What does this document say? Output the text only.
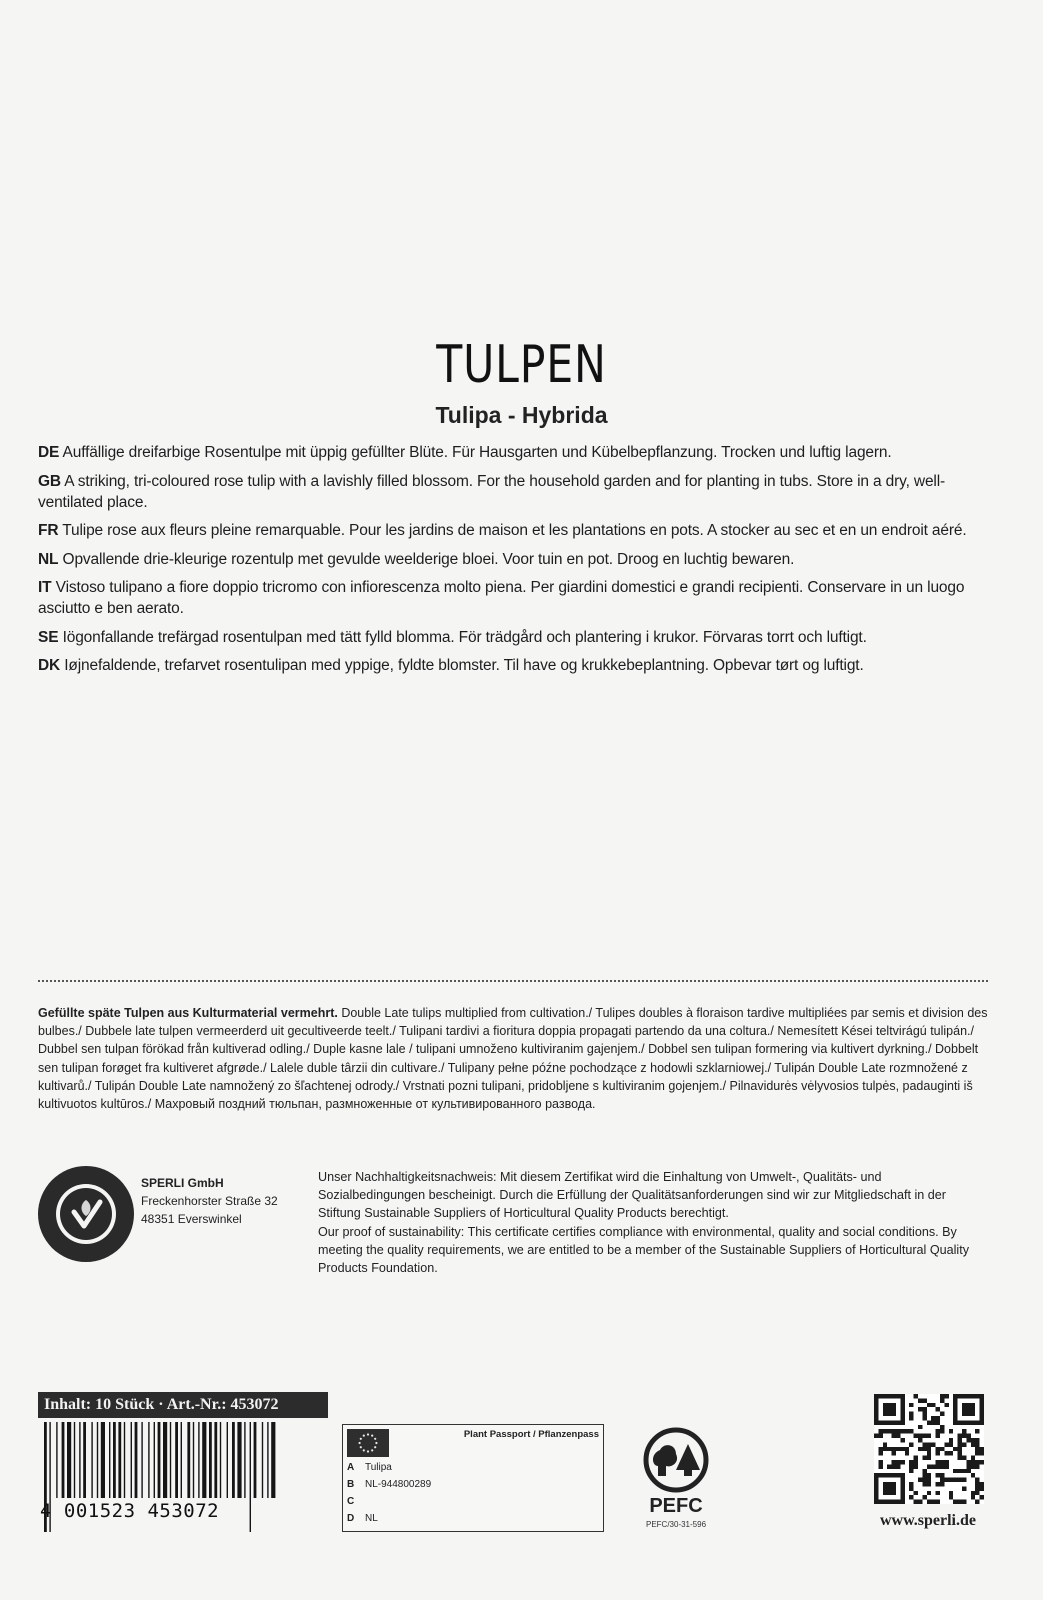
TULPEN
Tulipa - Hybrida

DE Auffällige dreifarbige Rosentulpe mit üppig gefüllter Blüte. Für Hausgarten und Kübelbepflanzung. Trocken und luftig lagern.

GB A striking, tri-coloured rose tulip with a lavishly filled blossom. For the household garden and for planting in tubs. Store in a dry, well-ventilated place.

FR Tulipe rose aux fleurs pleine remarquable. Pour les jardins de maison et les plantations en pots. A stocker au sec et en un endroit aéré.

NL Opvallende drie-kleurige rozentulp met gevulde weelderige bloei. Voor tuin en pot. Droog en luchtig bewaren.

IT Vistoso tulipano a fiore doppio tricromo con infiorescenza molto piena. Per giardini domestici e grandi recipienti. Conservare in un luogo asciutto e ben aerato.

SE Iögonfallande trefärgad rosentulpan med tätt fylld blomma. För trädgård och plantering i krukor. Förvaras torrt och luftigt.

DK Iøjnefaldende, trefarvet rosentulipan med yppige, fyldte blomster. Til have og krukkebeplantning. Opbevar tørt og luftigt.

Gefüllte späte Tulpen aus Kulturmaterial vermehrt. Double Late tulips multiplied from cultivation./ Tulipes doubles à floraison tardive multipliées par semis et division des bulbes./ Dubbele late tulpen vermeerderd uit gecultiveerde teelt./ Tulipani tardivi a fioritura doppia propagati partendo da una coltura./ Nemesített Kései teltvirágú tulipán./ Dubbel sen tulpan förökad från kultiverad odling./ Duple kasne lale / tulipani umnoženo kultiviranim gajenjem./ Dobbel sen tulipan formering via kultivert dyrkning./ Dobbelt sen tulipan forøget fra kultiveret afgrøde./ Lalele duble târzii din cultivare./ Tulipany pełne późne pochodzące z hodowli szklarniowej./ Tulipán Double Late rozmnožené z kultivarů./ Tulipán Double Late namnožený zo šľachtenej odrody./ Vrstnati pozni tulipani, pridobljene s kultiviranim gojenjem./ Pilnavidurės vėlyvosios tulpės, padauginti iš kultivuotos kultūros./ Махровый поздний тюльпан, размноженные от культивированного развода.
SPERLI GmbH
Freckenhorster Straße 32
48351 Everswinkel
Unser Nachhaltigkeitsnachweis: Mit diesem Zertifikat wird die Einhaltung von Umwelt-, Qualitäts- und Sozialbedingungen bescheinigt. Durch die Erfüllung der Qualitätsanforderungen sind wir zur Mitgliedschaft in der Stiftung Sustainable Suppliers of Horticultural Quality Products berechtigt.
Our proof of sustainability: This certificate certifies compliance with environmental, quality and social conditions. By meeting the quality requirements, we are entitled to be a member of the Sustainable Suppliers of Horticultural Quality Products Foundation.
Inhalt: 10 Stück · Art.-Nr.: 453072
4 001523 453072
Plant Passport / Pflanzenpass
A	Tulipa
B	NL-944800289
C
D	NL
PEFC
PEFC/30-31-596	www.sperli.de
